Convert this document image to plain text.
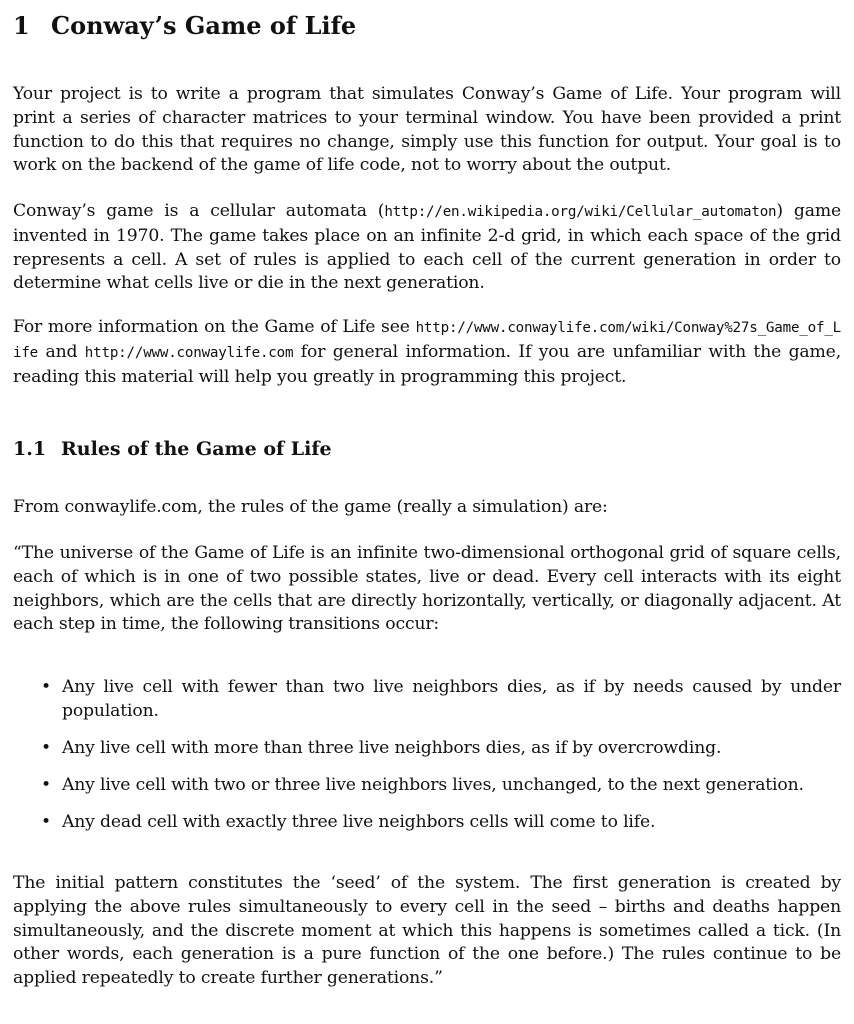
1 Conway’s Game of Life

Your project is to write a program that simulates Conway’s Game of Life. Your program will print a series of character matrices to your terminal window. You have been provided a print function to do this that requires no change, simply use this function for output. Your goal is to work on the backend of the game of life code, not to worry about the output.

Conway’s game is a cellular automata (http://en.wikipedia.org/wiki/Cellular_automaton) game invented in 1970. The game takes place on an infinite 2-d grid, in which each space of the grid represents a cell. A set of rules is applied to each cell of the current generation in order to determine what cells live or die in the next generation.

For more information on the Game of Life see http://www.conwaylife.com/wiki/Conway%27s_Game_of_Life and http://www.conwaylife.com for general information. If you are unfamiliar with the game, reading this material will help you greatly in programming this project.

1.1 Rules of the Game of Life

From conwaylife.com, the rules of the game (really a simulation) are:

“The universe of the Game of Life is an infinite two-dimensional orthogonal grid of square cells, each of which is in one of two possible states, live or dead. Every cell interacts with its eight neighbors, which are the cells that are directly horizontally, vertically, or diagonally adjacent. At each step in time, the following transitions occur:

• Any live cell with fewer than two live neighbors dies, as if by needs caused by under population.
• Any live cell with more than three live neighbors dies, as if by overcrowding.
• Any live cell with two or three live neighbors lives, unchanged, to the next generation.
• Any dead cell with exactly three live neighbors cells will come to life.

The initial pattern constitutes the ‘seed’ of the system. The first generation is created by applying the above rules simultaneously to every cell in the seed – births and deaths happen simultaneously, and the discrete moment at which this happens is sometimes called a tick. (In other words, each generation is a pure function of the one before.) The rules continue to be applied repeatedly to create further generations.”
